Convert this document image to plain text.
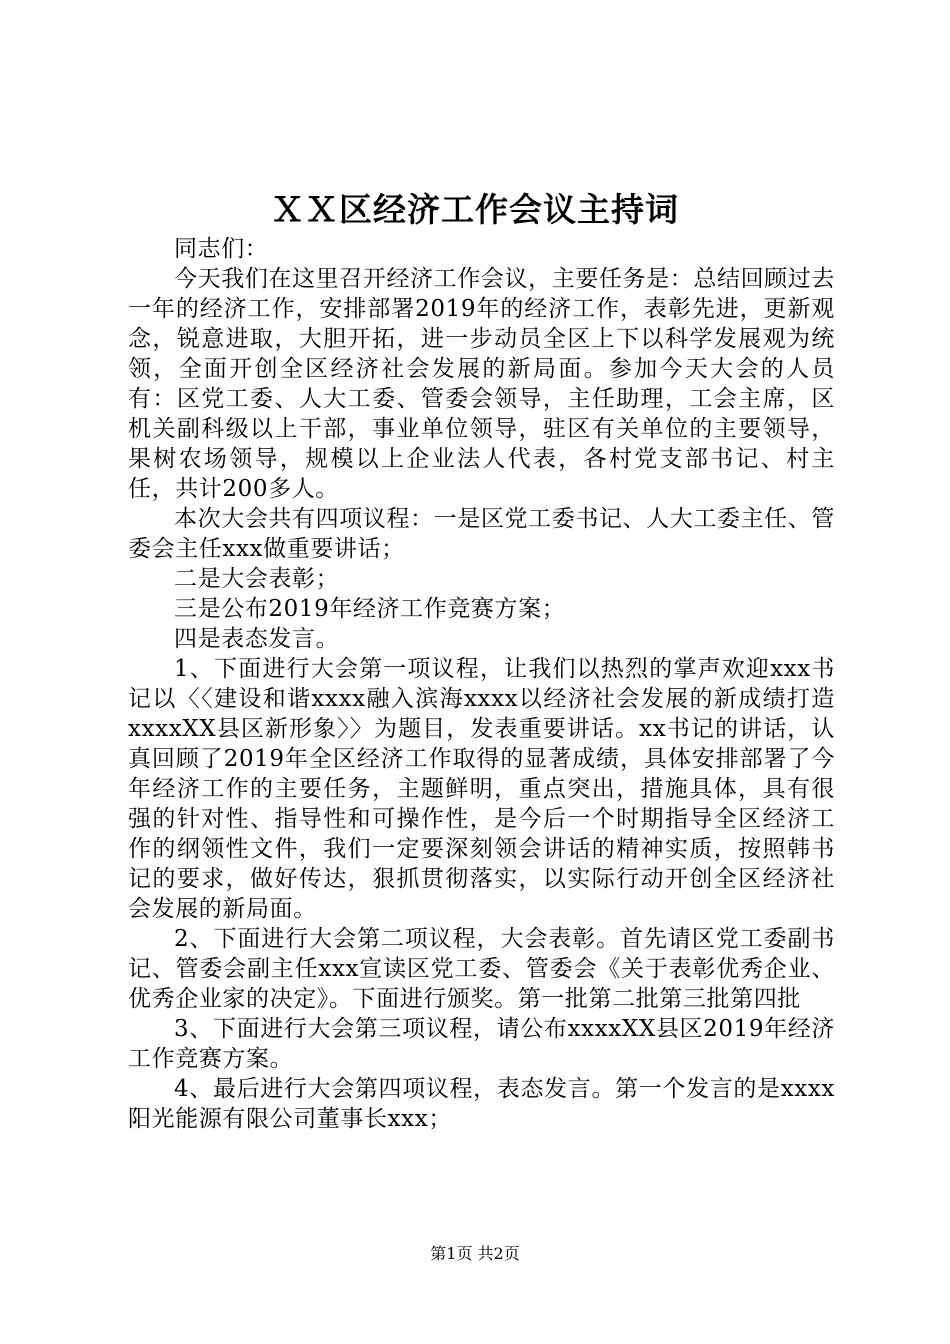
ＸＸ区经济工作会议主持词

同志们：

今天我们在这里召开经济工作会议，主要任务是：总结回顾过去一年的经济工作，安排部署2019年的经济工作，表彰先进，更新观念，锐意进取，大胆开拓，进一步动员全区上下以科学发展观为统领，全面开创全区经济社会发展的新局面。参加今天大会的人员有：区党工委、人大工委、管委会领导，主任助理，工会主席，区机关副科级以上干部，事业单位领导，驻区有关单位的主要领导，果树农场领导，规模以上企业法人代表，各村党支部书记、村主任，共计200多人。

本次大会共有四项议程：一是区党工委书记、人大工委主任、管委会主任xxx做重要讲话；

二是大会表彰；

三是公布2019年经济工作竞赛方案；

四是表态发言。

1、下面进行大会第一项议程，让我们以热烈的掌声欢迎xxx书记以〈〈建设和谐xxxx融入滨海xxxx以经济社会发展的新成绩打造xxxxXX县区新形象〉〉为题目，发表重要讲话。xx书记的讲话，认真回顾了2019年全区经济工作取得的显著成绩，具体安排部署了今年经济工作的主要任务，主题鲜明，重点突出，措施具体，具有很强的针对性、指导性和可操作性，是今后一个时期指导全区经济工作的纲领性文件，我们一定要深刻领会讲话的精神实质，按照韩书记的要求，做好传达，狠抓贯彻落实，以实际行动开创全区经济社会发展的新局面。

2、下面进行大会第二项议程，大会表彰。首先请区党工委副书记、管委会副主任xxx宣读区党工委、管委会《关于表彰优秀企业、优秀企业家的决定》。下面进行颁奖。第一批第二批第三批第四批

3、下面进行大会第三项议程，请公布xxxxXX县区2019年经济工作竞赛方案。

4、最后进行大会第四项议程，表态发言。第一个发言的是xxxx阳光能源有限公司董事长xxx；

第1页 共2页
